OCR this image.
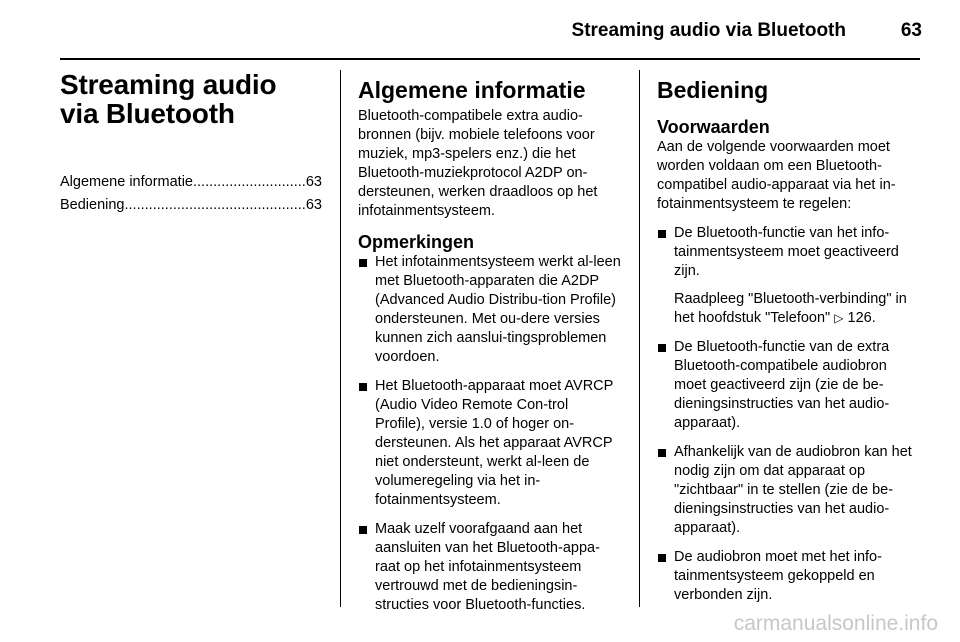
Streaming audio via Bluetooth	63
Streaming audio via Bluetooth
Algemene informatie .....	63
Bediening .....	63
Algemene informatie

Bluetooth-compatibele extra audio-bronnen (bijv. mobiele telefoons voor muziek, mp3-spelers enz.) die het Bluetooth-muziekprotocol A2DP on-dersteunen, werken draadloos op het infotainmentsysteem.

Opmerkingen
Het infotainmentsysteem werkt al-leen met Bluetooth-apparaten die A2DP (Advanced Audio Distribu-tion Profile) ondersteunen. Met ou-dere versies kunnen zich aanslui-tingsproblemen voordoen.
Het Bluetooth-apparaat moet AVRCP (Audio Video Remote Con-trol Profile), versie 1.0 of hoger on-dersteunen. Als het apparaat AVRCP niet ondersteunt, werkt al-leen de volumeregeling via het in-fotainmentsysteem.
Maak uzelf voorafgaand aan het aansluiten van het Bluetooth-appa-raat op het infotainmentsysteem vertrouwd met de bedieningsin-structies voor Bluetooth-functies.
Bediening
Voorwaarden

Aan de volgende voorwaarden moet worden voldaan om een Bluetooth-compatibel audio-apparaat via het in-fotainmentsysteem te regelen:

De Bluetooth-functie van het info-tainmentsysteem moet geactiveerd zijn.

Raadpleeg "Bluetooth-verbinding" in het hoofdstuk "Telefoon" ▷ 126.

De Bluetooth-functie van de extra Bluetooth-compatibele audiobron moet geactiveerd zijn (zie de be-dieningsinstructies van het audio-apparaat).
Afhankelijk van de audiobron kan het nodig zijn om dat apparaat op "zichtbaar" in te stellen (zie de be-dieningsinstructies van het audio-apparaat).
De audiobron moet met het info-tainmentsysteem gekoppeld en verbonden zijn.
carmanualsonline.info
